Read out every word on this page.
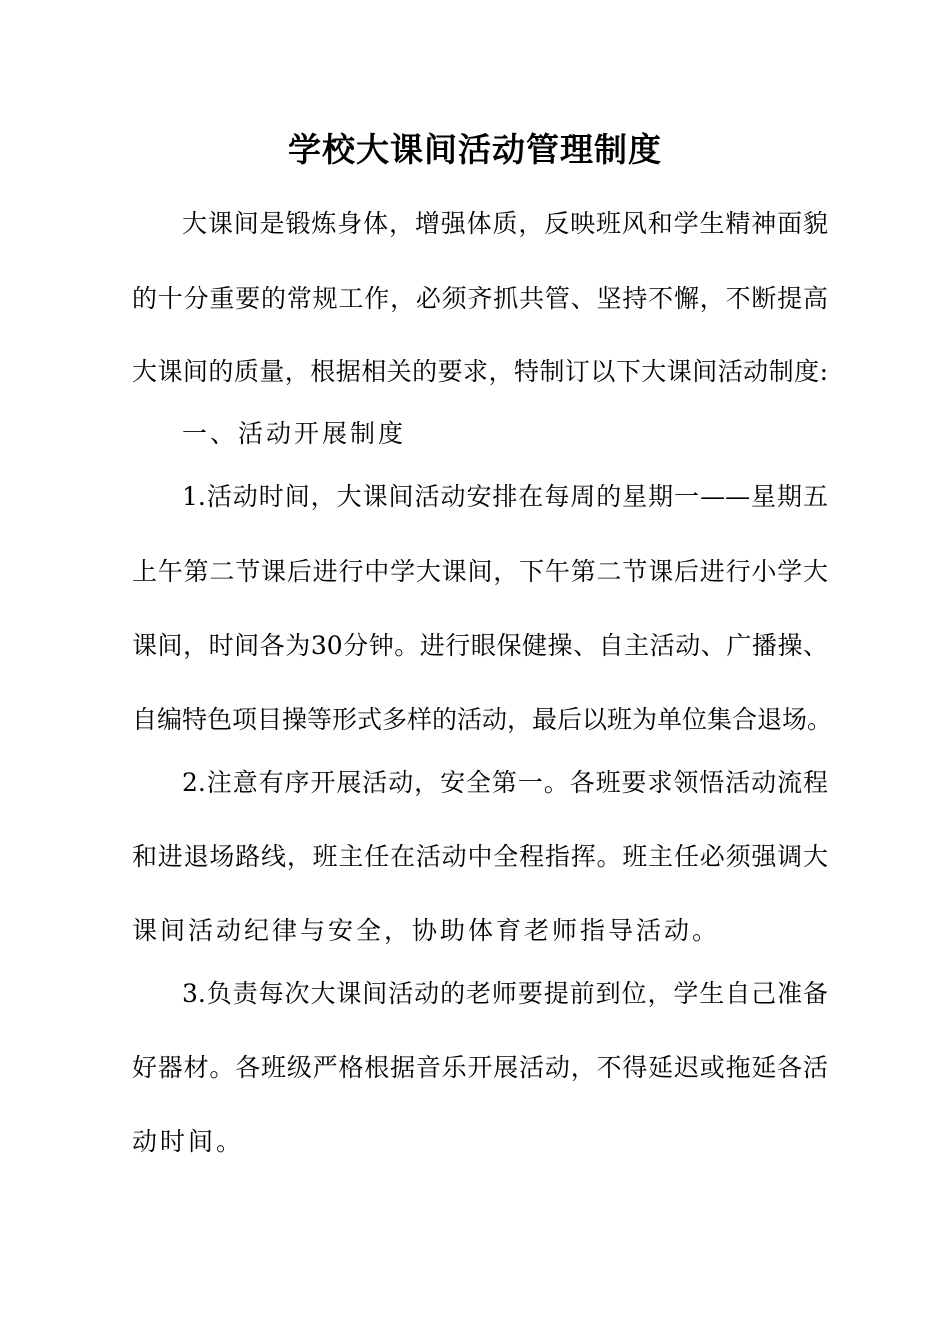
学校大课间活动管理制度
大课间是锻炼身体，增强体质，反映班风和学生精神面貌
的十分重要的常规工作，必须齐抓共管、坚持不懈，不断提高
大课间的质量，根据相关的要求，特制订以下大课间活动制度:
一、活动开展制度
1.活动时间，大课间活动安排在每周的星期一——星期五
上午第二节课后进行中学大课间，下午第二节课后进行小学大
课间，时间各为30分钟。进行眼保健操、自主活动、广播操、
自编特色项目操等形式多样的活动，最后以班为单位集合退场。
2.注意有序开展活动，安全第一。各班要求领悟活动流程
和进退场路线，班主任在活动中全程指挥。班主任必须强调大
课间活动纪律与安全，协助体育老师指导活动。
3.负责每次大课间活动的老师要提前到位，学生自己准备
好器材。各班级严格根据音乐开展活动，不得延迟或拖延各活
动时间。
